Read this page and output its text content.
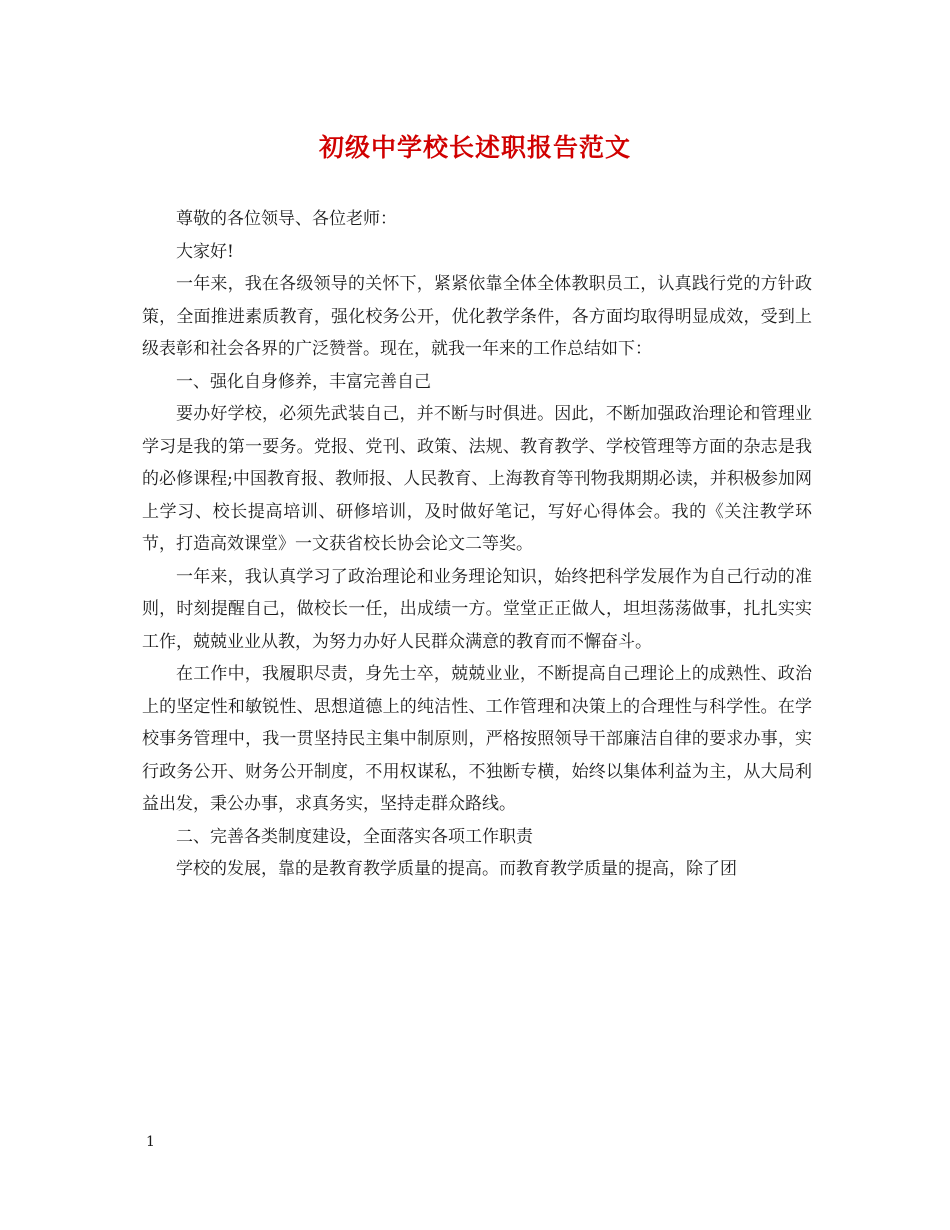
初级中学校长述职报告范文

尊敬的各位领导、各位老师：

大家好!

一年来，我在各级领导的关怀下，紧紧依靠全体全体教职员工，认真践行党的方针政策，全面推进素质教育，强化校务公开，优化教学条件，各方面均取得明显成效，受到上级表彰和社会各界的广泛赞誉。现在，就我一年来的工作总结如下：

一、强化自身修养，丰富完善自己

要办好学校，必须先武装自己，并不断与时俱进。因此，不断加强政治理论和管理业学习是我的第一要务。党报、党刊、政策、法规、教育教学、学校管理等方面的杂志是我的必修课程;中国教育报、教师报、人民教育、上海教育等刊物我期期必读，并积极参加网上学习、校长提高培训、研修培训，及时做好笔记，写好心得体会。我的《关注教学环节，打造高效课堂》一文获省校长协会论文二等奖。

一年来，我认真学习了政治理论和业务理论知识，始终把科学发展作为自己行动的准则，时刻提醒自己，做校长一任，出成绩一方。堂堂正正做人，坦坦荡荡做事，扎扎实实工作，兢兢业业从教，为努力办好人民群众满意的教育而不懈奋斗。

在工作中，我履职尽责，身先士卒，兢兢业业，不断提高自己理论上的成熟性、政治上的坚定性和敏锐性、思想道德上的纯洁性、工作管理和决策上的合理性与科学性。在学校事务管理中，我一贯坚持民主集中制原则，严格按照领导干部廉洁自律的要求办事，实行政务公开、财务公开制度，不用权谋私，不独断专横，始终以集体利益为主，从大局利益出发，秉公办事，求真务实，坚持走群众路线。

二、完善各类制度建设，全面落实各项工作职责

学校的发展，靠的是教育教学质量的提高。而教育教学质量的提高，除了团

1
